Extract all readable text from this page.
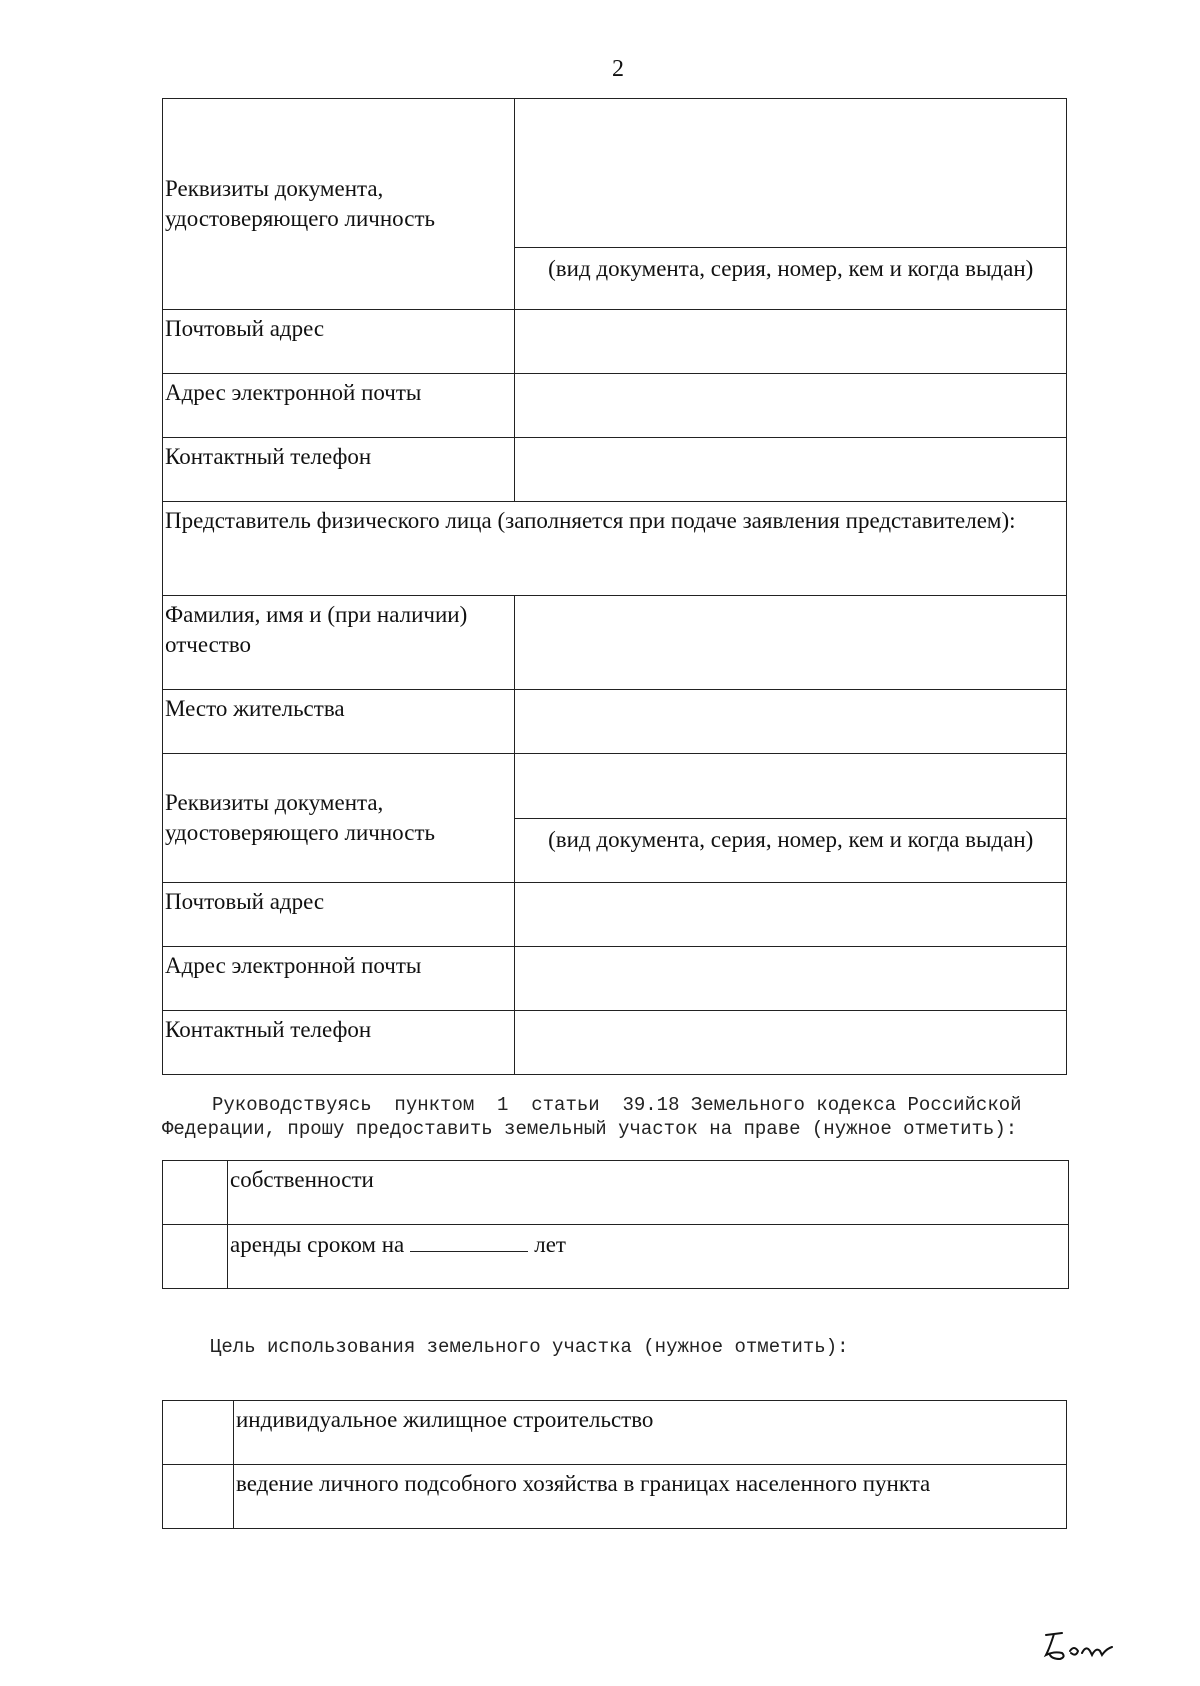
2
Реквизиты документа, удостоверяющего личность	
	(вид документа, серия, номер, кем и когда выдан)
Почтовый адрес	
Адрес электронной почты	
Контактный телефон	
Представитель физического лица (заполняется при подаче заявления представителем):	
Фамилия, имя и (при наличии) отчество	
Место жительства	
Реквизиты документа, удостоверяющего личность	
	(вид документа, серия, номер, кем и когда выдан)
Почтовый адрес	
Адрес электронной почты	
Контактный телефон	
Руководствуясь  пунктом  1  статьи  39.18 Земельного кодекса Российской
Федерации, прошу предоставить земельный участок на праве (нужное отметить):
	собственности
	аренды сроком на лет
Цель использования земельного участка (нужное отметить):
	индивидуальное жилищное строительство
	ведение личного подсобного хозяйства в границах населенного пункта
